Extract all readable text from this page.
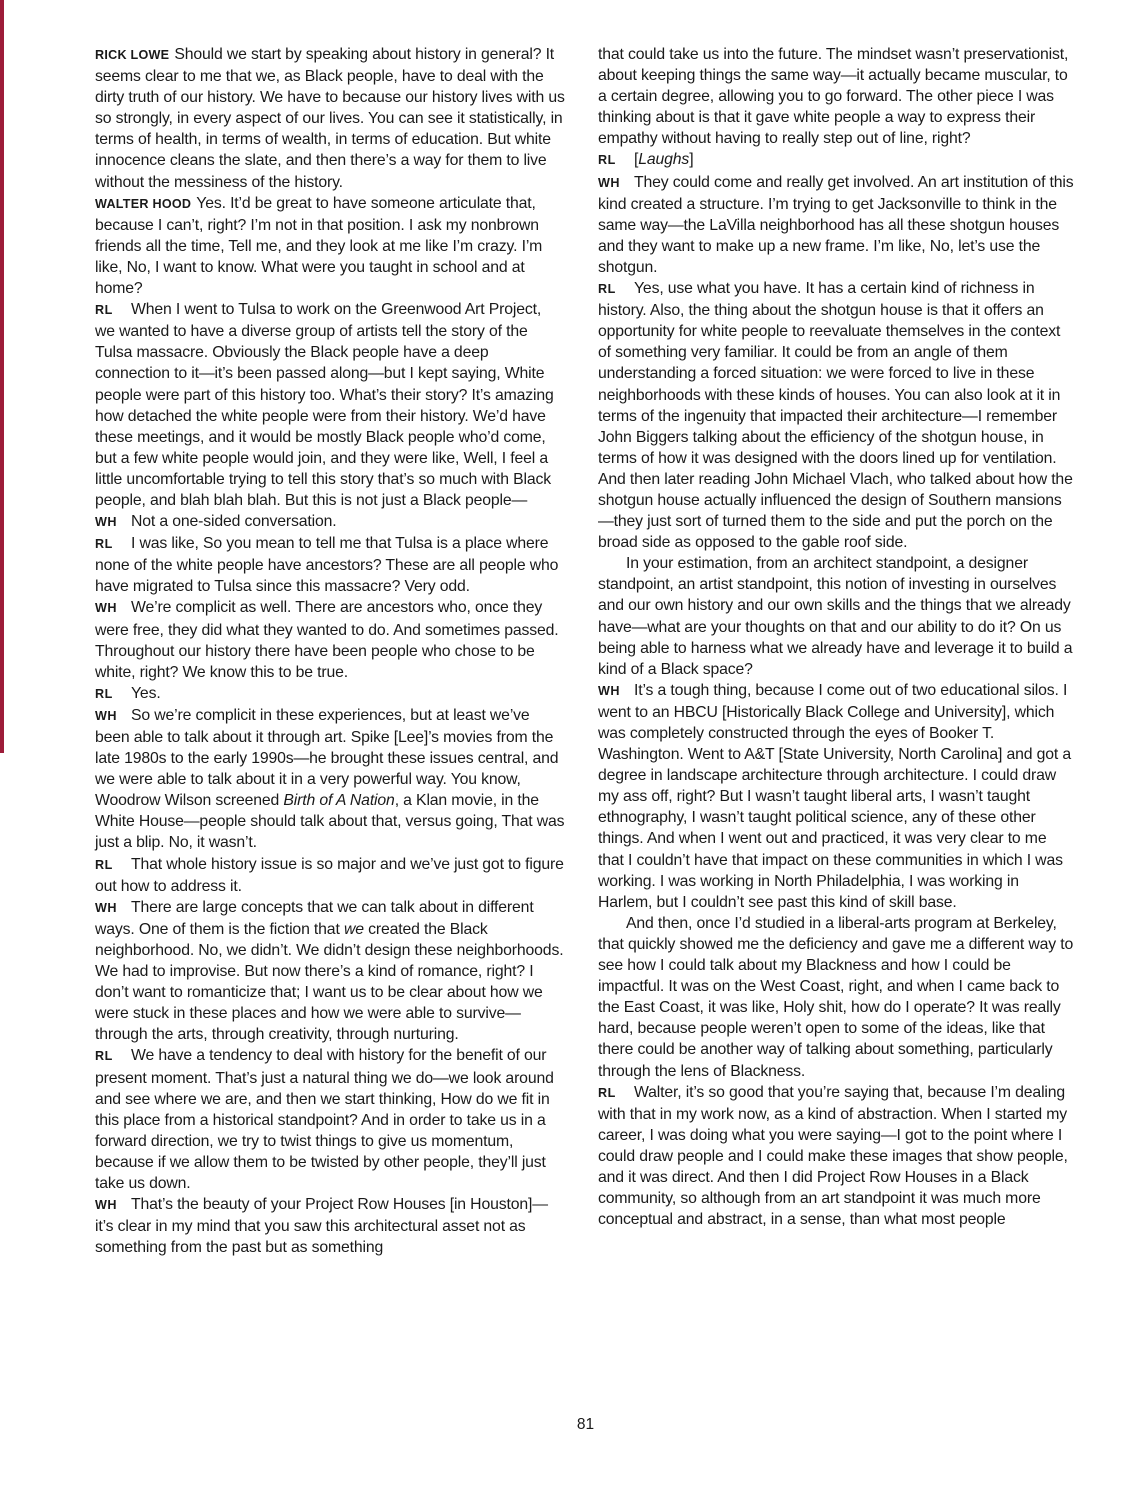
RICK LOWE Should we start by speaking about history in general? It seems clear to me that we, as Black people, have to deal with the dirty truth of our history. We have to because our history lives with us so strongly, in every aspect of our lives. You can see it statistically, in terms of health, in terms of wealth, in terms of education. But white innocence cleans the slate, and then there’s a way for them to live without the messiness of the history.

WALTER HOOD Yes. It’d be great to have someone articulate that, because I can’t, right? I’m not in that position. I ask my nonbrown friends all the time, Tell me, and they look at me like I’m crazy. I’m like, No, I want to know. What were you taught in school and at home?

RL When I went to Tulsa to work on the Greenwood Art Project, we wanted to have a diverse group of artists tell the story of the Tulsa massacre. Obviously the Black people have a deep connection to it—it’s been passed along—but I kept saying, White people were part of this history too. What’s their story? It’s amazing how detached the white people were from their history. We’d have these meetings, and it would be mostly Black people who’d come, but a few white people would join, and they were like, Well, I feel a little uncomfortable trying to tell this story that’s so much with Black people, and blah blah blah. But this is not just a Black people—

WH Not a one-sided conversation.

RL I was like, So you mean to tell me that Tulsa is a place where none of the white people have ancestors? These are all people who have migrated to Tulsa since this massacre? Very odd.

WH We’re complicit as well. There are ancestors who, once they were free, they did what they wanted to do. And sometimes passed. Throughout our history there have been people who chose to be white, right? We know this to be true.

RL Yes.

WH So we’re complicit in these experiences, but at least we’ve been able to talk about it through art. Spike [Lee]’s movies from the late 1980s to the early 1990s—he brought these issues central, and we were able to talk about it in a very powerful way. You know, Woodrow Wilson screened Birth of A Nation, a Klan movie, in the White House—people should talk about that, versus going, That was just a blip. No, it wasn’t.

RL That whole history issue is so major and we’ve just got to figure out how to address it.

WH There are large concepts that we can talk about in different ways. One of them is the fiction that we created the Black neighborhood. No, we didn’t. We didn’t design these neighborhoods. We had to improvise. But now there’s a kind of romance, right? I don’t want to romanticize that; I want us to be clear about how we were stuck in these places and how we were able to survive—through the arts, through creativity, through nurturing.

RL We have a tendency to deal with history for the benefit of our present moment. That’s just a natural thing we do—we look around and see where we are, and then we start thinking, How do we fit in this place from a historical standpoint? And in order to take us in a forward direction, we try to twist things to give us momentum, because if we allow them to be twisted by other people, they’ll just take us down.

WH That’s the beauty of your Project Row Houses [in Houston]—it’s clear in my mind that you saw this architectural asset not as something from the past but as something

that could take us into the future. The mindset wasn’t preservationist, about keeping things the same way—it actually became muscular, to a certain degree, allowing you to go forward. The other piece I was thinking about is that it gave white people a way to express their empathy without having to really step out of line, right?

RL [Laughs]

WH They could come and really get involved. An art institution of this kind created a structure. I’m trying to get Jacksonville to think in the same way—the LaVilla neighborhood has all these shotgun houses and they want to make up a new frame. I’m like, No, let’s use the shotgun.

RL Yes, use what you have. It has a certain kind of richness in history. Also, the thing about the shotgun house is that it offers an opportunity for white people to reevaluate themselves in the context of something very familiar. It could be from an angle of them understanding a forced situation: we were forced to live in these neighborhoods with these kinds of houses. You can also look at it in terms of the ingenuity that impacted their architecture—I remember John Biggers talking about the efficiency of the shotgun house, in terms of how it was designed with the doors lined up for ventilation. And then later reading John Michael Vlach, who talked about how the shotgun house actually influenced the design of Southern mansions—they just sort of turned them to the side and put the porch on the broad side as opposed to the gable roof side.

In your estimation, from an architect standpoint, a designer standpoint, an artist standpoint, this notion of investing in ourselves and our own history and our own skills and the things that we already have—what are your thoughts on that and our ability to do it? On us being able to harness what we already have and leverage it to build a kind of a Black space?

WH It’s a tough thing, because I come out of two educational silos. I went to an HBCU [Historically Black College and University], which was completely constructed through the eyes of Booker T. Washington. Went to A&T [State University, North Carolina] and got a degree in landscape architecture through architecture. I could draw my ass off, right? But I wasn’t taught liberal arts, I wasn’t taught ethnography, I wasn’t taught political science, any of these other things. And when I went out and practiced, it was very clear to me that I couldn’t have that impact on these communities in which I was working. I was working in North Philadelphia, I was working in Harlem, but I couldn’t see past this kind of skill base.

And then, once I’d studied in a liberal-arts program at Berkeley, that quickly showed me the deficiency and gave me a different way to see how I could talk about my Blackness and how I could be impactful. It was on the West Coast, right, and when I came back to the East Coast, it was like, Holy shit, how do I operate? It was really hard, because people weren’t open to some of the ideas, like that there could be another way of talking about something, particularly through the lens of Blackness.

RL Walter, it’s so good that you’re saying that, because I’m dealing with that in my work now, as a kind of abstraction. When I started my career, I was doing what you were saying—I got to the point where I could draw people and I could make these images that show people, and it was direct. And then I did Project Row Houses in a Black community, so although from an art standpoint it was much more conceptual and abstract, in a sense, than what most people

81
